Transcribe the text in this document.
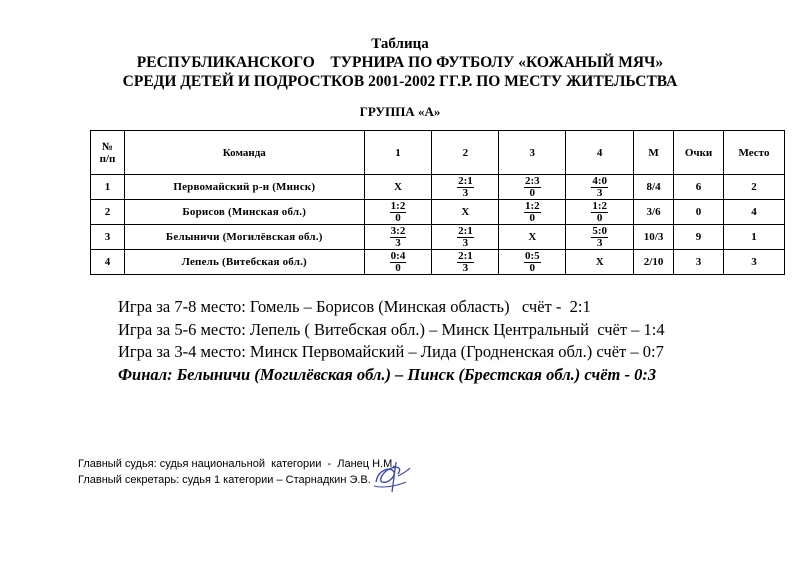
Таблица
РЕСПУБЛИКАНСКОГО    ТУРНИРА ПО ФУТБОЛУ «КОЖАНЫЙ МЯЧ»
СРЕДИ ДЕТЕЙ И ПОДРОСТКОВ 2001-2002 ГГ.Р. ПО МЕСТУ ЖИТЕЛЬСТВА
ГРУППА «А»
№
п/п	Команда	1	2	3	4	М	Очки	Место
1	Первомайский р-н (Минск)	Х	$\frac{2:1}{3}$	$\frac{2:3}{0}$	$\frac{4:0}{3}$	8/4	6	2
2	Борисов (Минская обл.)	$\frac{1:2}{0}$	Х	$\frac{1:2}{0}$	$\frac{1:2}{0}$	3/6	0	4
3	Белыничи (Могилёвская обл.)	$\frac{3:2}{3}$	$\frac{2:1}{3}$	Х	$\frac{5:0}{3}$	10/3	9	1
4	Лепель (Витебская обл.)	$\frac{0:4}{0}$	$\frac{2:1}{3}$	$\frac{0:5}{0}$	Х	2/10	3	3
Игра за 7-8 место: Гомель – Борисов (Минская область)   счёт -  2:1
Игра за 5-6 место: Лепель ( Витебская обл.) – Минск Центральный  счёт – 1:4
Игра за 3-4 место: Минск Первомайский – Лида (Гродненская обл.) счёт – 0:7
Финал: Белыничи (Могилёвская обл.) – Пинск (Брестская обл.) счёт - 0:3
Главный судья: судья национальной  категории  -  Ланец Н.М.
Главный секретарь: судья 1 категории – Старнадкин Э.В.
